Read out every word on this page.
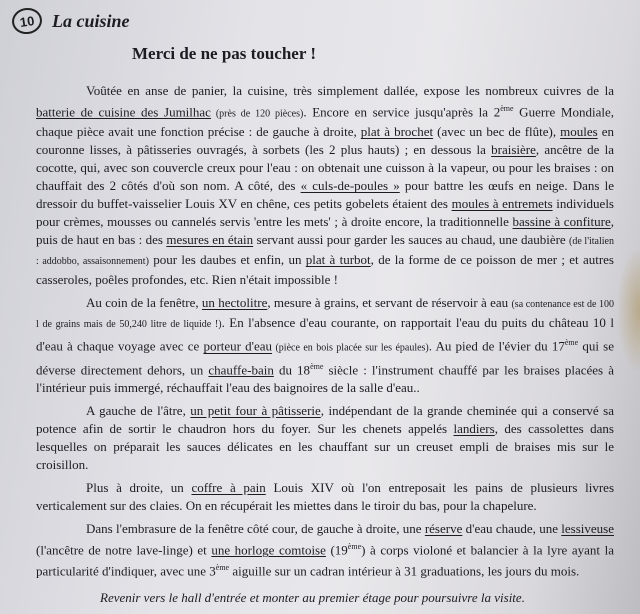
10 La cuisine
Merci de ne pas toucher !

Voûtée en anse de panier, la cuisine, très simplement dallée, expose les nombreux cuivres de la batterie de cuisine des Jumilhac (près de 120 pièces). Encore en service jusqu'après la 2ème Guerre Mondiale, chaque pièce avait une fonction précise : de gauche à droite, plat à brochet (avec un bec de flûte), moules en couronne lisses, à pâtisseries ouvragés, à sorbets (les 2 plus hauts) ; en dessous la braisière, ancêtre de la cocotte, qui, avec son couvercle creux pour l'eau : on obtenait une cuisson à la vapeur, ou pour les braises : on chauffait des 2 côtés d'où son nom. A côté, des « culs-de-poules » pour battre les œufs en neige. Dans le dressoir du buffet-vaisselier Louis XV en chêne, ces petits gobelets étaient des moules à entremets individuels pour crèmes, mousses ou cannelés servis 'entre les mets' ; à droite encore, la traditionnelle bassine à confiture, puis de haut en bas : des mesures en étain servant aussi pour garder les sauces au chaud, une daubière (de l'italien : addobbo, assaisonnement) pour les daubes et enfin, un plat à turbot, de la forme de ce poisson de mer ; et autres casseroles, poêles profondes, etc. Rien n'était impossible !

Au coin de la fenêtre, un hectolitre, mesure à grains, et servant de réservoir à eau (sa contenance est de 100 l de grains mais de 50,240 litre de liquide !). En l'absence d'eau courante, on rapportait l'eau du puits du château 10 l d'eau à chaque voyage avec ce porteur d'eau (pièce en bois placée sur les épaules). Au pied de l'évier du 17ème qui se déverse directement dehors, un chauffe-bain du 18ème siècle : l'instrument chauffé par les braises placées à l'intérieur puis immergé, réchauffait l'eau des baignoires de la salle d'eau..

A gauche de l'âtre, un petit four à pâtisserie, indépendant de la grande cheminée qui a conservé sa potence afin de sortir le chaudron hors du foyer. Sur les chenets appelés landiers, des cassolettes dans lesquelles on préparait les sauces délicates en les chauffant sur un creuset empli de braises mis sur le croisillon.

Plus à droite, un coffre à pain Louis XIV où l'on entreposait les pains de plusieurs livres verticalement sur des claies. On en récupérait les miettes dans le tiroir du bas, pour la chapelure.

Dans l'embrasure de la fenêtre côté cour, de gauche à droite, une réserve d'eau chaude, une lessiveuse (l'ancêtre de notre lave-linge) et une horloge comtoise (19ème) à corps violoné et balancier à la lyre ayant la particularité d'indiquer, avec une 3ème aiguille sur un cadran intérieur à 31 graduations, les jours du mois.

Revenir vers le hall d'entrée et monter au premier étage pour poursuivre la visite.
